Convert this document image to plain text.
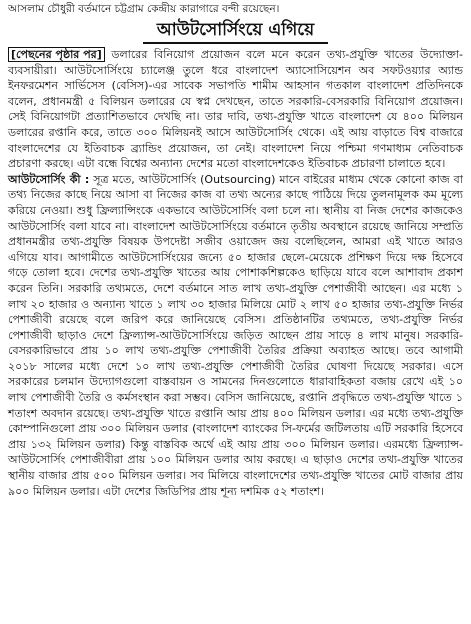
আসলাম চৌধুরী বর্তমানে চট্টগ্রাম কেন্দ্রীয় কারাগারে বন্দী রয়েছেন।
আউটসোর্সিংয়ে এগিয়ে

[পেছনের পৃষ্ঠার পর] ডলারের বিনিয়োগ প্রয়োজন বলে মনে করেন তথ্য-প্রযুক্তি খাতের উদ্যোক্তা-ব্যবসায়ীরা। আউটসোর্সিংয়ে চ্যালেঞ্জ তুলে ধরে বাংলাদেশ অ্যাসোসিয়েশন অব সফটওয়্যার অ্যান্ড ইনফরমেশন সার্ভিসেস (বেসিস)-এর সাবেক সভাপতি শামীম আহসান গতকাল বাংলাদেশ প্রতিদিনকে বলেন, প্রধানমন্ত্রী ৫ বিলিয়ন ডলারের যে স্বপ্ন দেখছেন, তাতে সরকারি-বেসরকারি বিনিয়োগ প্রয়োজন। সেই বিনিয়োগটা প্রত্যাশিতভাবে দেখছি না। তার দাবি, তথ্য-প্রযুক্তি খাতে বাংলাদেশ যে ৪০০ মিলিয়ন ডলারের রপ্তানি করে, তাতে ৩০০ মিলিয়নই আসে আউটসোর্সিং থেকে। এই আয় বাড়াতে বিশ্ব বাজারে বাংলাদেশের যে ইতিবাচক ব্র্যান্ডিং প্রয়োজন, তা নেই। বাংলাদেশ নিয়ে পশ্চিমা গণমাধ্যম নেতিবাচক প্রচারণা করছে। এটা বন্ধে বিশ্বের অন্যান্য দেশের মতো বাংলাদেশকেও ইতিবাচক প্রচারণা চালাতে হবে।

আউটসোর্সিং কী : সূত্র মতে, আউটসোর্সিং (Outsourcing) মানে বাইরের মাধ্যম থেকে কোনো কাজ বা তথ্য নিজের কাছে নিয়ে আসা বা নিজের কাজ বা তথ্য অন্যের কাছে পাঠিয়ে দিয়ে তুলনামূলক কম মূল্যে করিয়ে নেওয়া। শুধু ফ্রিল্যান্সিংকে একভাবে আউটসোর্সিং বলা চলে না। স্থানীয় বা নিজ দেশের কাজকেও আউটসোর্সিং বলা যাবে না। বাংলাদেশ আউটসোর্সিংয়ে বর্তমানে তৃতীয় অবস্থানে রয়েছে জানিয়ে সম্প্রতি প্রধানমন্ত্রীর তথ্য-প্রযুক্তি বিষয়ক উপদেষ্টা সজীব ওয়াজেদ জয় বলেছিলেন, আমরা এই খাতে আরও এগিয়ে যাব। আগামীতে আউটসোর্সিংয়ের জন্যে ৫০ হাজার ছেলে-মেয়েকে প্রশিক্ষণ দিয়ে দক্ষ হিসেবে গড়ে তোলা হবে। দেশের তথ্য-প্রযুক্তি খাতের আয় পোশাকশিল্পকেও ছাড়িয়ে যাবে বলে আশাবাদ প্রকাশ করেন তিনি। সরকারি তথ্যমতে, দেশে বর্তমানে সাত লাখ তথ্য-প্রযুক্তি পেশাজীবী আছেন। এর মধ্যে ১ লাখ ২০ হাজার ও অন্যান্য খাতে ১ লাখ ৩০ হাজার মিলিয়ে মোট ২ লাখ ৫০ হাজার তথ্য-প্রযুক্তি নির্ভর পেশাজীবী রয়েছে বলে জরিপ করে জানিয়েছে বেসিস। প্রতিষ্ঠানটির তথ্যমতে, তথ্য-প্রযুক্তি নির্ভর পেশাজীবী ছাড়াও দেশে ফ্রিল্যান্স-আউটসোর্সিংয়ে জড়িত আছেন প্রায় সাড়ে ৪ লাখ মানুষ। সরকারি-বেসরকারিভাবে প্রায় ১০ লাখ তথ্য-প্রযুক্তি পেশাজীবী তৈরির প্রক্রিয়া অব্যাহত আছে। তবে আগামী ২০১৮ সালের মধ্যে দেশে ১০ লাখ তথ্য-প্রযুক্তি পেশাজীবী তৈরির ঘোষণা দিয়েছে সরকার। এসে সরকারের চলমান উদ্যোগগুলো বাস্তবায়ন ও সামনের দিনগুলোতে ধারাবাহিকতা বজায় রেখে এই ১০ লাখ পেশাজীবী তৈরি ও কর্মসংস্থান করা সম্ভব। বেসিস জানিয়েছে, রপ্তানি প্রবৃদ্ধিতে তথ্য-প্রযুক্তি খাতে ১ শতাংশ অবদান রয়েছে। তথ্য-প্রযুক্তি খাতে রপ্তানি আয় প্রায় ৪০০ মিলিয়ন ডলার। এর মধ্যে তথ্য-প্রযুক্তি কোম্পানিগুলো প্রায় ৩০০ মিলিয়ন ডলার (বাংলাদেশ ব্যাংকের সি-ফর্মের জটিলতায় এটি সরকারি হিসেবে প্রায় ১৩২ মিলিয়ন ডলার) কিন্তু বাস্তবিক অর্থে এই আয় প্রায় ৩০০ মিলিয়ন ডলার। এরমধ্যে ফ্রিল্যান্স-আউটসোর্সিং পেশাজীবীরা প্রায় ১০০ মিলিয়ন ডলার আয় করছে। এ ছাড়াও দেশের তথ্য-প্রযুক্তি খাতের স্থানীয় বাজার প্রায় ৫০০ মিলিয়ন ডলার। সব মিলিয়ে বাংলাদেশের তথ্য-প্রযুক্তি খাতের মোট বাজার প্রায় ৯০০ মিলিয়ন ডলার। এটা দেশের জিডিপির প্রায় শূন্য দশমিক ৫২ শতাংশ।
